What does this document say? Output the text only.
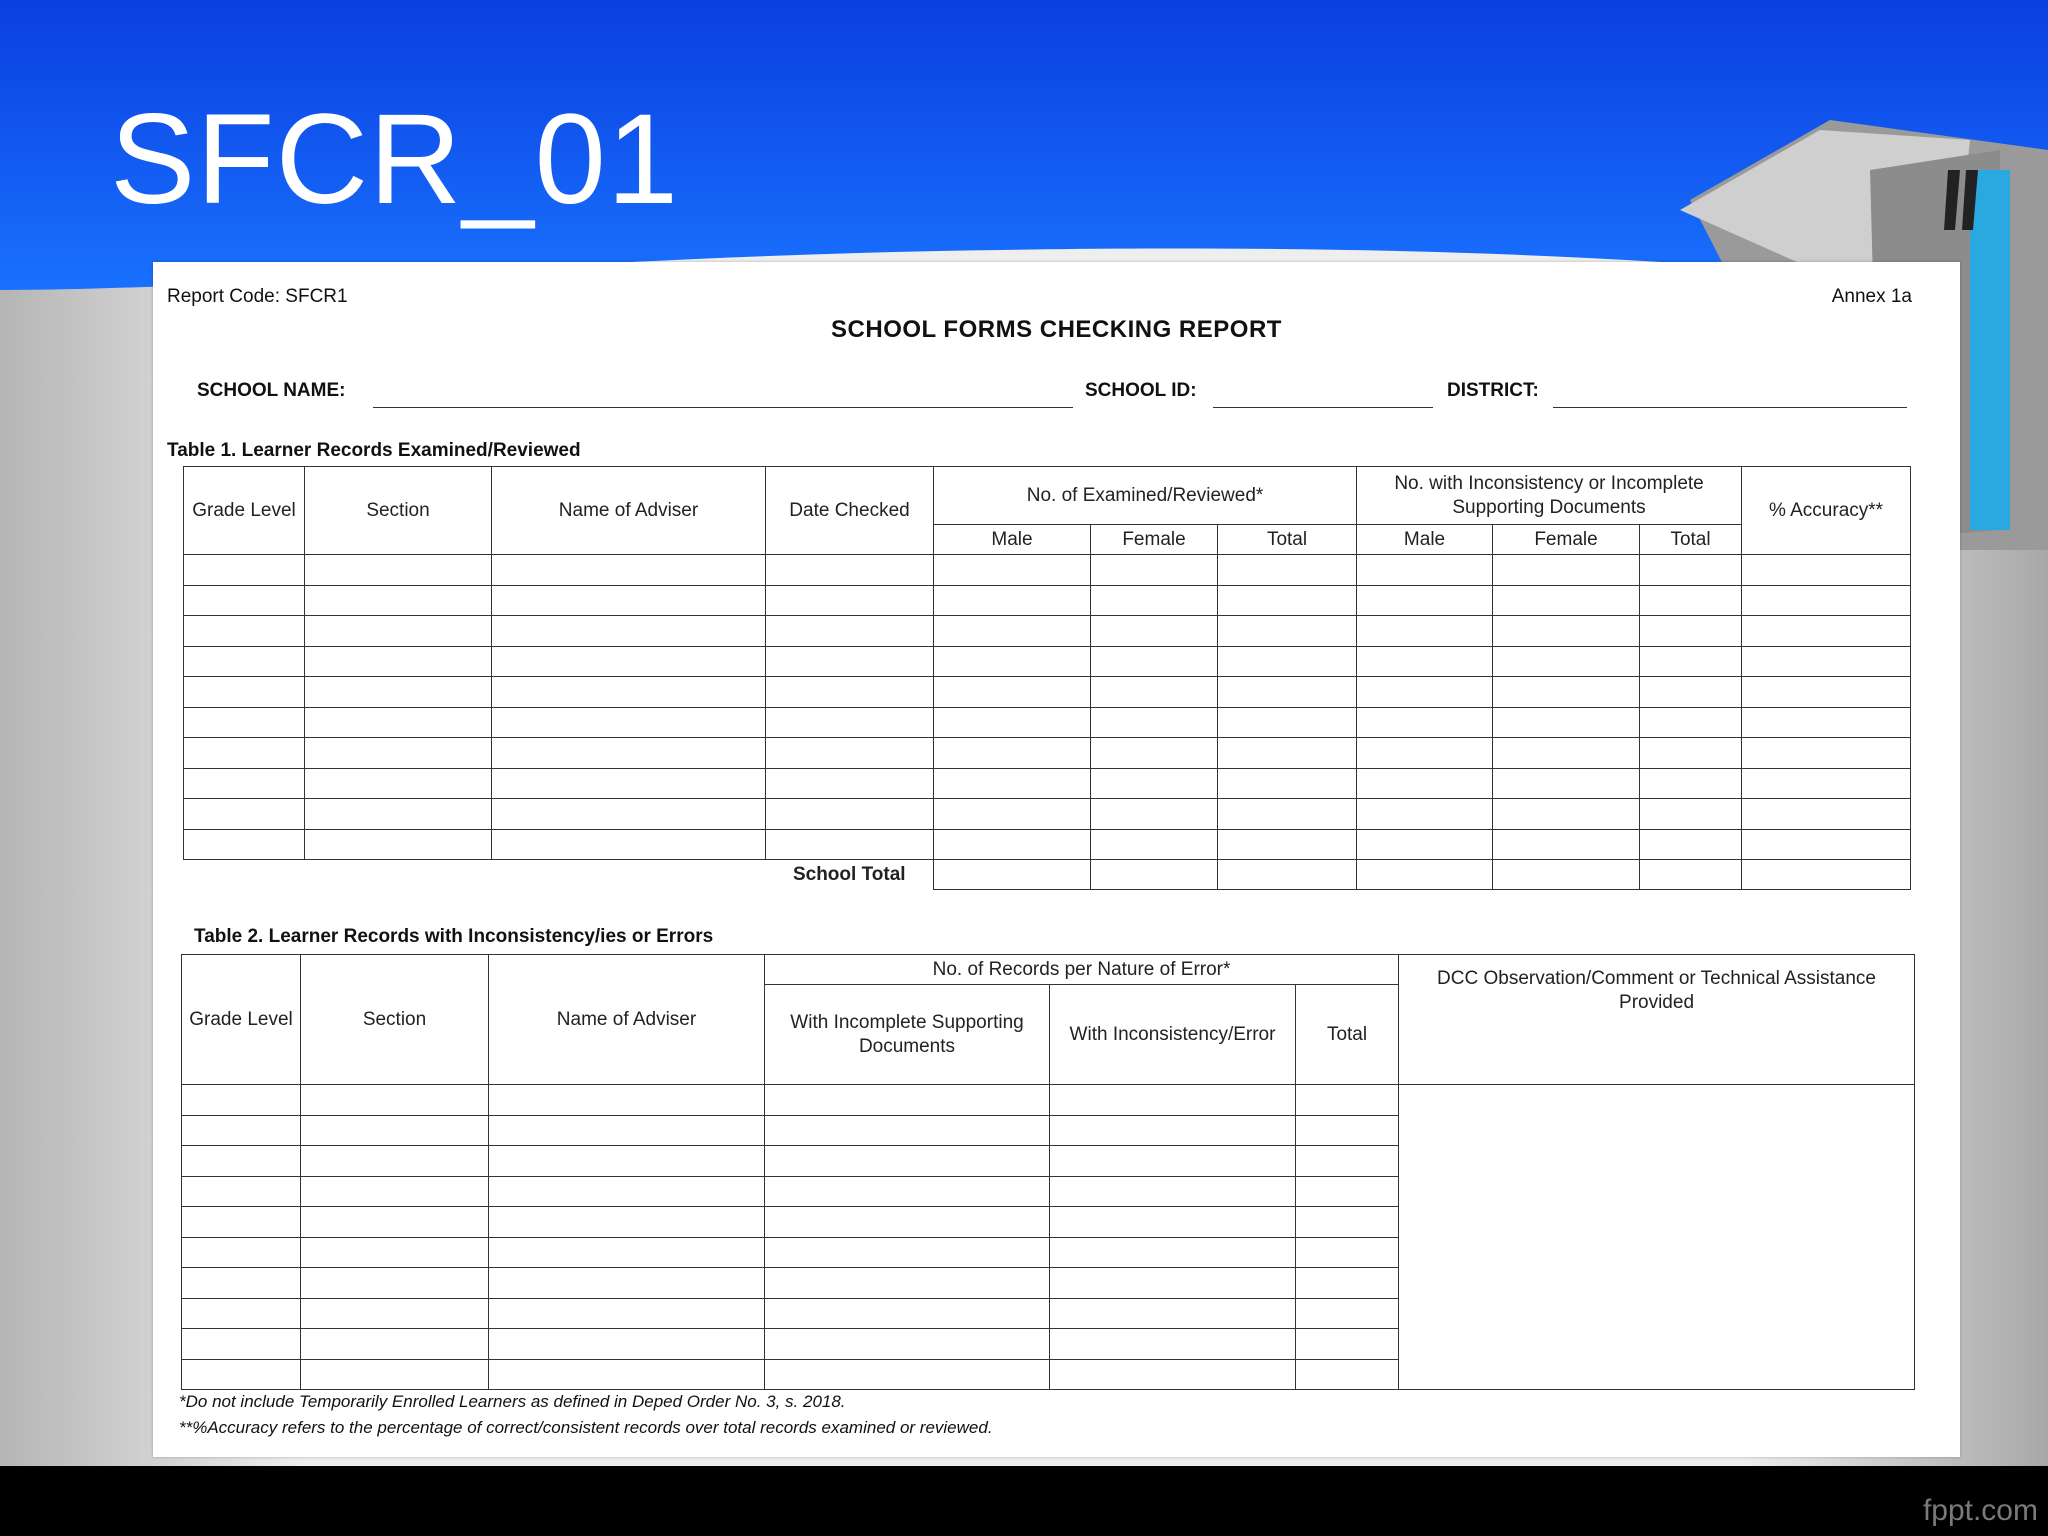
SFCR_01
Report Code: SFCR1	Annex 1a
SCHOOL FORMS CHECKING REPORT
SCHOOL NAME:	SCHOOL ID:	DISTRICT:
Table 1. Learner Records Examined/Reviewed
Grade Level	Section	Name of Adviser	Date Checked	No. of Examined/Reviewed*			No. with Inconsistency or Incomplete Supporting Documents			% Accuracy**
				Male	Female	Total	Male	Female	Total	

			School Total							
Table 2. Learner Records with Inconsistency/ies or Errors
Grade Level	Section	Name of Adviser	No. of Records per Nature of Error*			DCC Observation/Comment or Technical Assistance Provided
			With Incomplete Supporting Documents	With Inconsistency/Error	Total	

*Do not include Temporarily Enrolled Learners as defined in Deped Order No. 3, s. 2018.
**%Accuracy refers to the percentage of correct/consistent records over total records examined or reviewed.
fppt.com
